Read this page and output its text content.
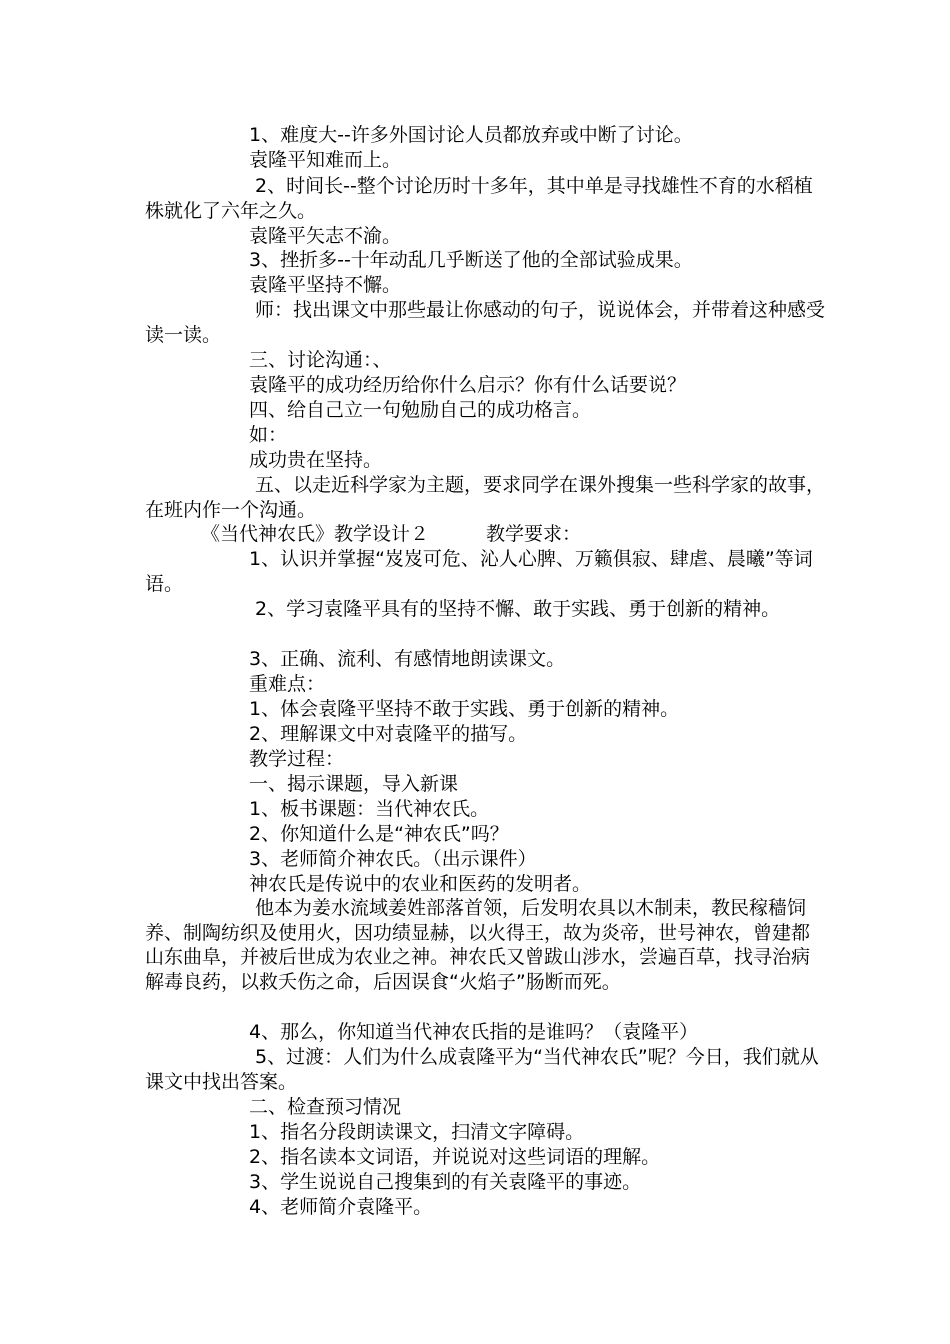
1、难度大--许多外国讨论人员都放弃或中断了讨论。

袁隆平知难而上。

2、时间长--整个讨论历时十多年，其中单是寻找雄性不育的水稻植株就化了六年之久。

袁隆平矢志不渝。

3、挫折多--十年动乱几乎断送了他的全部试验成果。

袁隆平坚持不懈。

师：找出课文中那些最让你感动的句子，说说体会，并带着这种感受读一读。

三、讨论沟通：、

袁隆平的成功经历给你什么启示？你有什么话要说？

四、给自己立一句勉励自己的成功格言。

如：

成功贵在坚持。

五、以走近科学家为主题，要求同学在课外搜集一些科学家的故事，在班内作一个沟通。

《当代神农氏》教学设计２　　　教学要求：

1、认识并掌握“岌岌可危、沁人心脾、万籁俱寂、肆虐、晨曦”等词语。

2、学习袁隆平具有的坚持不懈、敢于实践、勇于创新的精神。

3、正确、流利、有感情地朗读课文。

重难点：

1、体会袁隆平坚持不敢于实践、勇于创新的精神。

2、理解课文中对袁隆平的描写。

教学过程：

一、揭示课题，导入新课

1、板书课题：当代神农氏。

2、你知道什么是“神农氏”吗？

3、老师简介神农氏。（出示课件）

神农氏是传说中的农业和医药的发明者。

他本为姜水流域姜姓部落首领，后发明农具以木制耒，教民稼穑饲养、制陶纺织及使用火，因功绩显赫，以火得王，故为炎帝，世号神农，曾建都山东曲阜，并被后世成为农业之神。神农氏又曾跋山涉水，尝遍百草，找寻治病解毒良药，以救夭伤之命，后因误食“火焰子”肠断而死。

4、那么，你知道当代神农氏指的是谁吗？（袁隆平）

5、过渡：人们为什么成袁隆平为“当代神农氏”呢？今日，我们就从课文中找出答案。

二、检查预习情况

1、指名分段朗读课文，扫清文字障碍。

2、指名读本文词语，并说说对这些词语的理解。

3、学生说说自己搜集到的有关袁隆平的事迹。

4、老师简介袁隆平。
